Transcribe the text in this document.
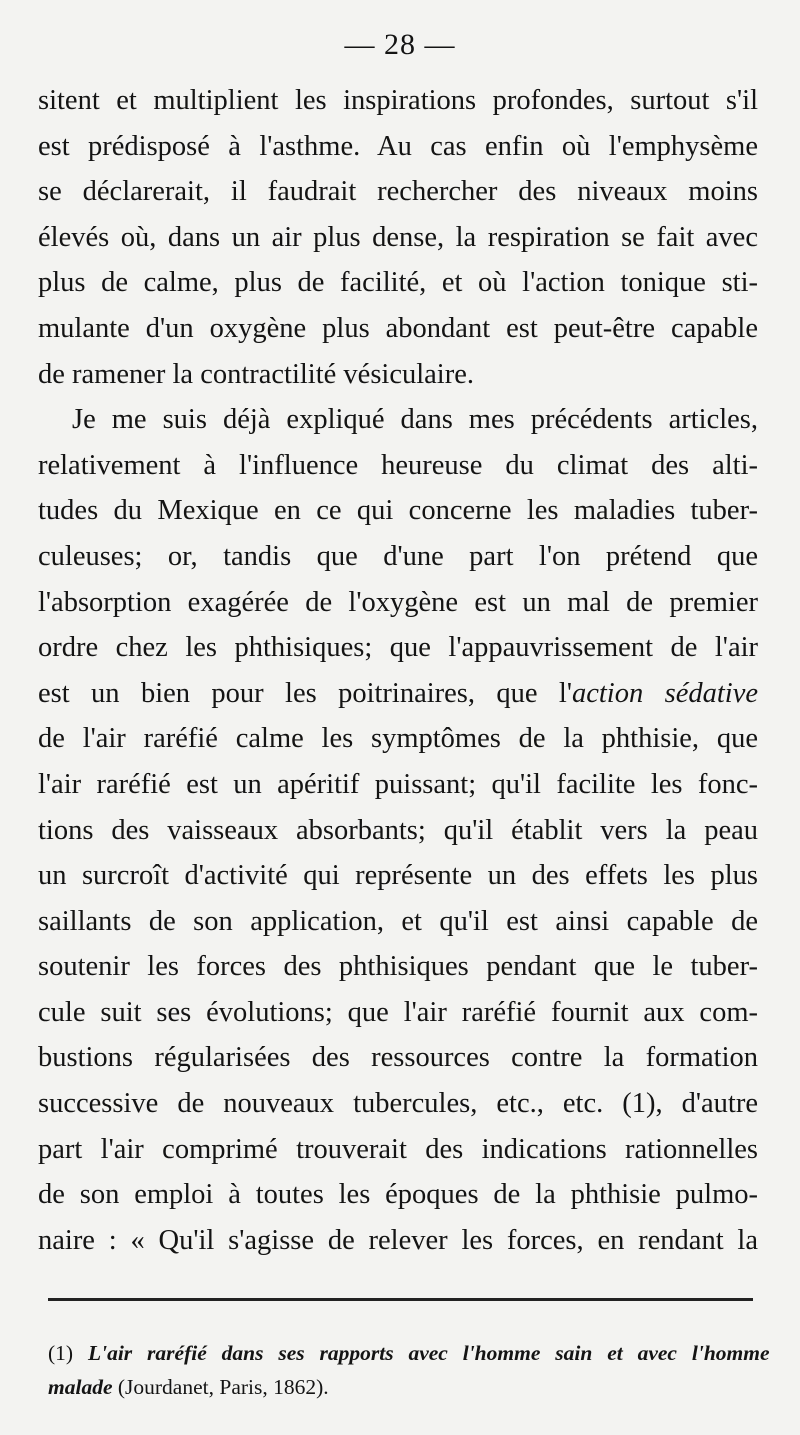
— 28 —
sitent et multiplient les inspirations profondes, surtout s'il
est prédisposé à l'asthme. Au cas enfin où l'emphysème
se déclarerait, il faudrait rechercher des niveaux moins
élevés où, dans un air plus dense, la respiration se fait avec
plus de calme, plus de facilité, et où l'action tonique sti-
mulante d'un oxygène plus abondant est peut-être capable
de ramener la contractilité vésiculaire.
Je me suis déjà expliqué dans mes précédents articles,
relativement à l'influence heureuse du climat des alti-
tudes du Mexique en ce qui concerne les maladies tuber-
culeuses; or, tandis que d'une part l'on prétend que
l'absorption exagérée de l'oxygène est un mal de premier
ordre chez les phthisiques; que l'appauvrissement de l'air
est un bien pour les poitrinaires, que l'action sédative
de l'air raréfié calme les symptômes de la phthisie, que
l'air raréfié est un apéritif puissant; qu'il facilite les fonc-
tions des vaisseaux absorbants; qu'il établit vers la peau
un surcroît d'activité qui représente un des effets les plus
saillants de son application, et qu'il est ainsi capable de
soutenir les forces des phthisiques pendant que le tuber-
cule suit ses évolutions; que l'air raréfié fournit aux com-
bustions régularisées des ressources contre la formation
successive de nouveaux tubercules, etc., etc. (1), d'autre
part l'air comprimé trouverait des indications rationnelles
de son emploi à toutes les époques de la phthisie pulmo-
naire : « Qu'il s'agisse de relever les forces, en rendant la
(1) L'air raréfié dans ses rapports avec l'homme sain et avec l'homme
malade (Jourdanet, Paris, 1862).
